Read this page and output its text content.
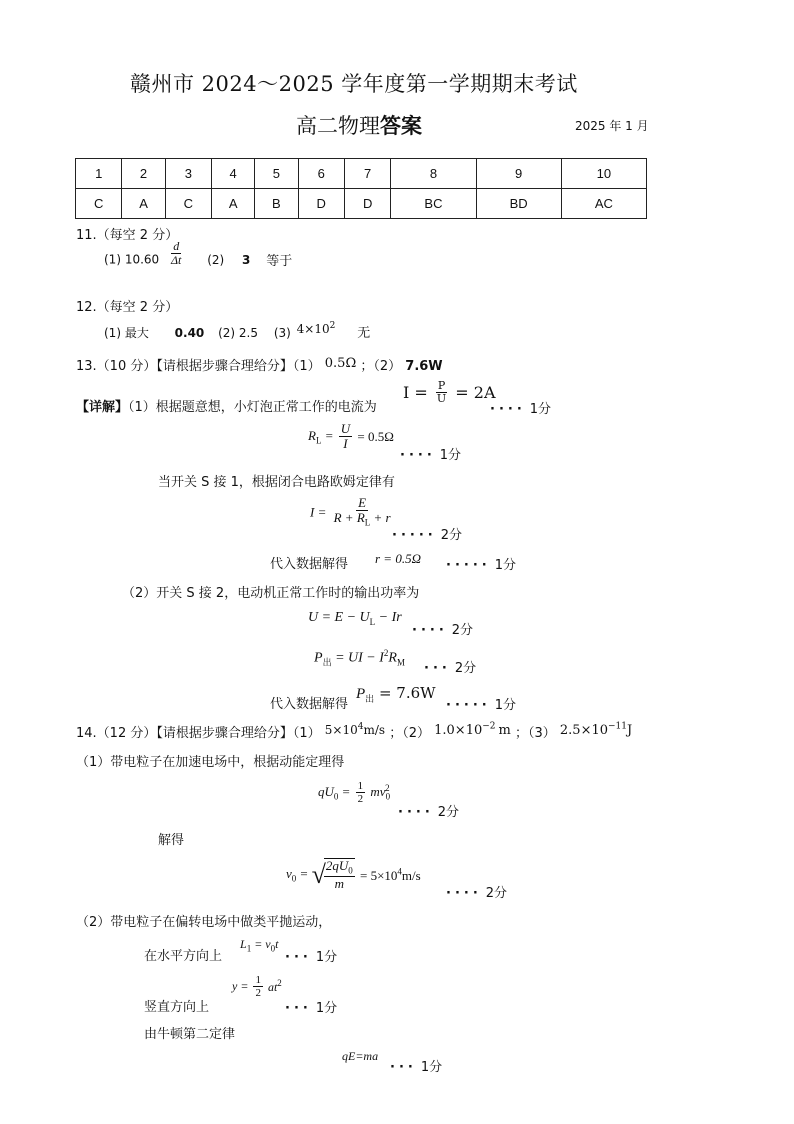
赣州市 2024～2025 学年度第一学期期末考试
高二物理答案	2025 年 1 月
1	2	3	4	5	6	7	8	9	10
C	A	C	A	B	D	D	BC	BD	AC
11.（每空 2 分）
(1) $10.60 \frac{d}{\Delta t} (2)$ 3 等于
12.（每空 2 分）
(1) 最大 0.40 (2) 2.5 (3) $4\times 10^2$ 无
13.（10 分）【请根据步骤合理给分】（1） 0.5Ω ；（2） 7.6W
【详解】（1）根据题意想，小灯泡正常工作的电流为
$I = \frac{P}{U} = 2A$
···· 1分
$R_L = \frac{U}{I} = 0.5\Omega$
···· 1分
当开关 S 接 1，根据闭合电路欧姆定律有
$I = \frac{E}{R + R_L + r}$
····· 2分
代入数据解得 r = 0.5Ω ····· 1分
（2）开关 S 接 2，电动机正常工作时的输出功率为
$U = E - U_L - Ir$
···· 2分
$P_出$ = UI − $I^2R_M$ ··· 2分
代入数据解得
$P_出 = 7.6W$
····· 1分
14.（12 分）【请根据步骤合理给分】（1） $5\times 10^4m/s$ ；（2） $1.0\times 10^{-2}$ m ；（3） $2.5\times 10^{-11}J$
（1）带电粒子在加速电场中，根据动能定理得
$qU_0 = \frac{1}{2} mv_0^2$
···· 2分
解得
$v_0$ = √
$\frac{2qU_0}{m} = 5\times 10^4m/s$
···· 2分
（2）带电粒子在偏转电场中做类平抛运动，
在水平方向上
$L_1 = v_0t$
··· 1分
$y = \frac{1}{2} at^2$
竖直方向上	··· 1分
由牛顿第二定律
qE=ma
··· 1分
